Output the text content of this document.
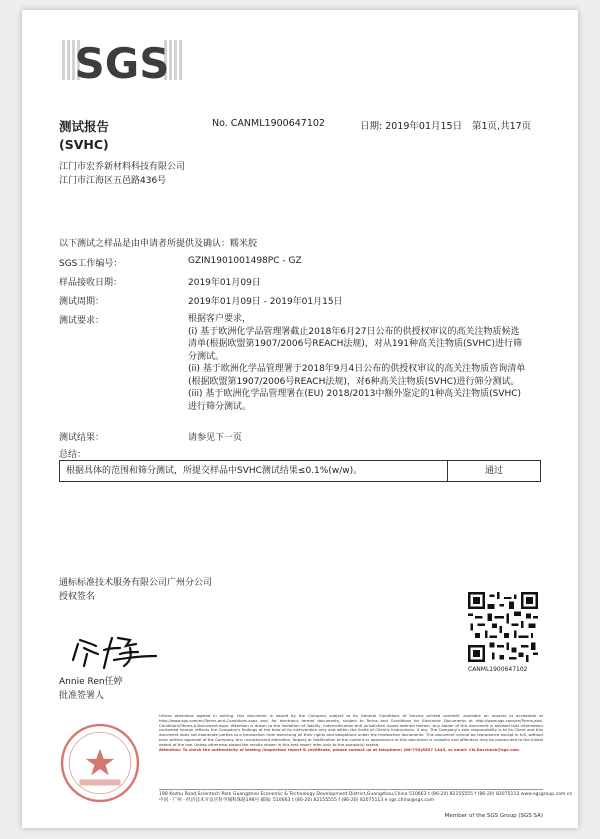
SGS
测试报告
(SVHC)
No. CANML1900647102	日期: 2019年01月15日 第1页,共17页
江门市宏乔新材料科技有限公司
江门市江海区五邑路436号
以下测试之样品是由申请者所提供及确认：糯米胶
SGS工作编号：	GZIN1901001498PC - GZ
样品接收日期：	2019年01月09日
测试周期：	2019年01月09日 - 2019年01月15日
测试要求：	根据客户要求，

(i) 基于欧洲化学品管理署截止2018年6月27日公布的供授权审议的高关注物质候选清单(根据欧盟第1907/2006号REACH法规)，对从191种高关注物质(SVHC)进行筛分测试。

(ii) 基于欧洲化学品管理署于2018年9月4日公布的供授权审议的高关注物质咨询清单(根据欧盟第1907/2006号REACH法规)，对6种高关注物质(SVHC)进行筛分测试。

(iii) 基于欧洲化学品管理署在(EU) 2018/2013中额外鉴定的1种高关注物质(SVHC)进行筛分测试。

测试结果：	请参见下一页
总结：
根据具体的范围和筛分测试，所提交样品中SVHC测试结果≤0.1%(w/w)。	通过
通标标准技术服务有限公司广州分公司
授权签名
Annie Ren任婷
批准签署人
CANML1900647102
Unless otherwise agreed in writing, this document is issued by the Company subject to its General Conditions of Service printed overleaf, available on request or accessible at http://www.sgs.com/en/Terms-and-Conditions.aspx and, for electronic format documents, subject to Terms and Conditions for Electronic Documents at http://www.sgs.com/en/Terms-and-Conditions/Terms-e-Document.aspx. Attention is drawn to the limitation of liability, indemnification and jurisdiction issues defined therein. Any holder of this document is advised that information contained hereon reflects the Company's findings at the time of its intervention only and within the limits of Client's instructions, if any. The Company's sole responsibility is to its Client and this document does not exonerate parties to a transaction from exercising all their rights and obligations under the transaction documents. This document cannot be reproduced except in full, without prior written approval of the Company. Any unauthorized alteration, forgery or falsification of the content or appearance of this document is unlawful and offenders may be prosecuted to the fullest extent of the law. Unless otherwise stated the results shown in this test report refer only to the sample(s) tested.
Attention: To check the authenticity of testing /inspection report & certificate, please contact us at telephone: (86-755)8307 1443, or email: CN.Doccheck@sgs.com
198 Kezhu Road,Scientech Park Guangzhou Economic & Technology Development District,Guangzhou,China 510663 t (86-20) 82155555 f (86-20) 82075113 www.sgsgroup.com.cn
中国 · 广州 · 经济技术开发区科学城科珠路198号 邮编: 510663 t (86-20) 82155555 f (86-20) 82075113 e sgs.china@sgs.com
Member of the SGS Group (SGS SA)
